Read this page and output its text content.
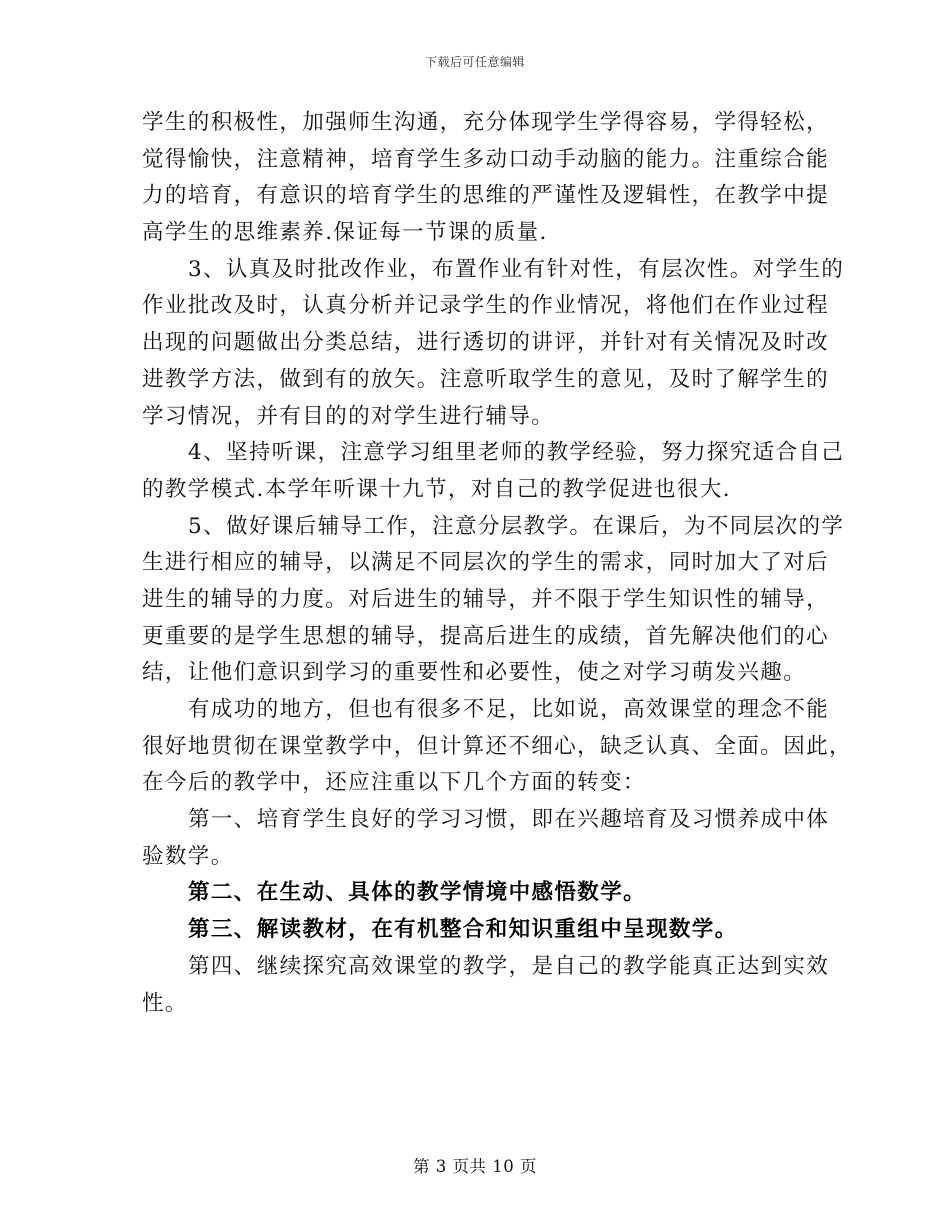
下载后可任意编辑
学生的积极性，加强师生沟通，充分体现学生学得容易，学得轻松，
觉得愉快，注意精神，培育学生多动口动手动脑的能力。注重综合能
力的培育，有意识的培育学生的思维的严谨性及逻辑性，在教学中提
高学生的思维素养.保证每一节课的质量.
3、认真及时批改作业，布置作业有针对性，有层次性。对学生的
作业批改及时，认真分析并记录学生的作业情况，将他们在作业过程
出现的问题做出分类总结，进行透切的讲评，并针对有关情况及时改
进教学方法，做到有的放矢。注意听取学生的意见，及时了解学生的
学习情况，并有目的的对学生进行辅导。
4、坚持听课，注意学习组里老师的教学经验，努力探究适合自己
的教学模式.本学年听课十九节，对自己的教学促进也很大.
5、做好课后辅导工作，注意分层教学。在课后，为不同层次的学
生进行相应的辅导，以满足不同层次的学生的需求，同时加大了对后
进生的辅导的力度。对后进生的辅导，并不限于学生知识性的辅导，
更重要的是学生思想的辅导，提高后进生的成绩，首先解决他们的心
结，让他们意识到学习的重要性和必要性，使之对学习萌发兴趣。
有成功的地方，但也有很多不足，比如说，高效课堂的理念不能
很好地贯彻在课堂教学中，但计算还不细心，缺乏认真、全面。因此，
在今后的教学中，还应注重以下几个方面的转变：
第一、培育学生良好的学习习惯，即在兴趣培育及习惯养成中体
验数学。
第二、在生动、具体的教学情境中感悟数学。
第三、解读教材，在有机整合和知识重组中呈现数学。
第四、继续探究高效课堂的教学，是自己的教学能真正达到实效
性。
第 3 页共 10 页
